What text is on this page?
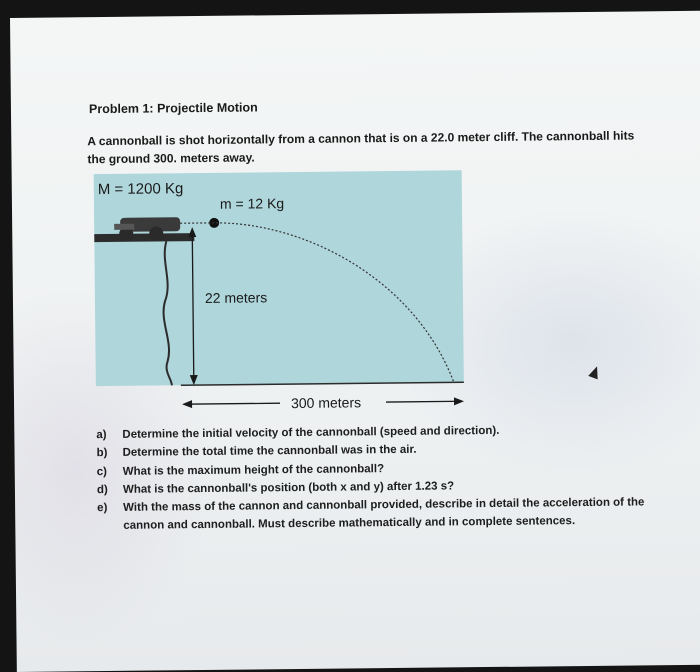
Problem 1: Projectile Motion
A cannonball is shot horizontally from a cannon that is on a 22.0 meter cliff. The cannonball hits the ground 300. meters away.
M = 1200 Kg
m = 12 Kg
22 meters
300 meters
a)	Determine the initial velocity of the cannonball (speed and direction).
b)	Determine the total time the cannonball was in the air.
c)	What is the maximum height of the cannonball?
d)	What is the cannonball's position (both x and y) after 1.23 s?
e)	With the mass of the cannon and cannonball provided, describe in detail the acceleration of the cannon and cannonball. Must describe mathematically and in complete sentences.
